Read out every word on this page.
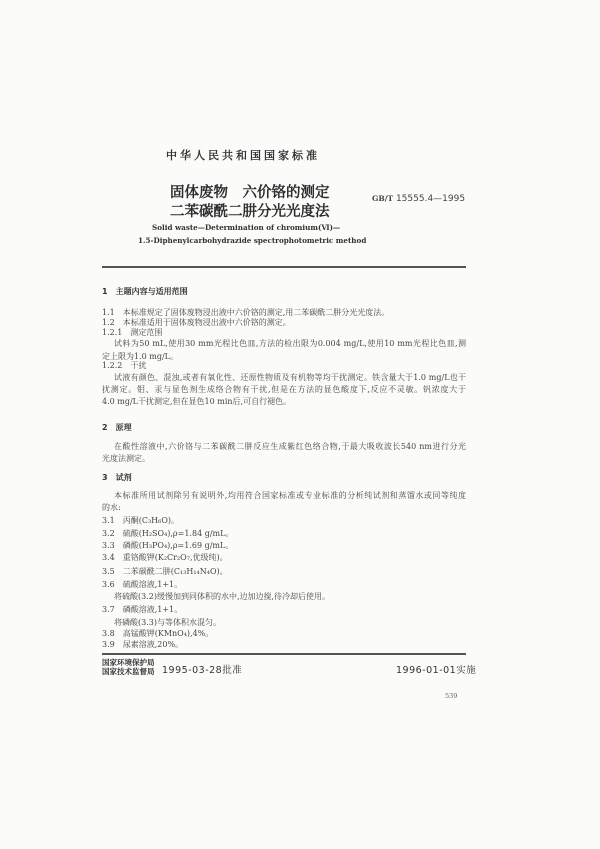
中华人民共和国国家标准
固体废物　六价铬的测定
二苯碳酰二肼分光光度法
GB/T 15555.4—1995
Solid waste—Determination of chromium(Ⅵ)—
1.5-Diphenylcarbohydrazide spectrophotometric method
1　主题内容与适用范围
1.1　本标准规定了固体废物浸出液中六价铬的测定,用二苯碳酰二肼分光光度法。
1.2　本标准适用于固体废物浸出液中六价铬的测定。
1.2.1　测定范围
试料为50 mL,使用30 mm光程比色皿,方法的检出限为0.004 mg/L,使用10 mm光程比色皿,测
定上限为1.0 mg/L。
1.2.2　干扰
试液有颜色、混浊,或者有氧化性、还原性物质及有机物等均干扰测定。铁含量大于1.0 mg/L也干
扰测定。钼、汞与显色剂生成络合物有干扰,但是在方法的显色酸度下,反应不灵敏。钒浓度大于
4.0 mg/L干扰测定,但在显色10 min后,可自行褪色。
2　原理
在酸性溶液中,六价铬与二苯碳酰二肼反应生成紫红色络合物,于最大吸收波长540 nm进行分光
光度法测定。
3　试剂
本标准所用试剂除另有说明外,均用符合国家标准或专业标准的分析纯试剂和蒸馏水或同等纯度
的水:
3.1　丙酮(C₃H₆O)。
3.2　硫酸(H₂SO₄),ρ=1.84 g/mL。
3.3　磷酸(H₃PO₄),ρ=1.69 g/mL。
3.4　重铬酸钾(K₂Cr₂O₇,优级纯)。
3.5　二苯碳酰二肼(C₁₃H₁₄N₄O)。
3.6　硫酸溶液,1+1。
将硫酸(3.2)缓慢加到同体积的水中,边加边搅,待冷却后使用。
3.7　磷酸溶液,1+1。
将磷酸(3.3)与等体积水混匀。
3.8　高锰酸钾(KMnO₄),4%。
3.9　尿素溶液,20%。
国家环境保护局
国家技术监督局 1995-03-28批准	1996-01-01实施
539
